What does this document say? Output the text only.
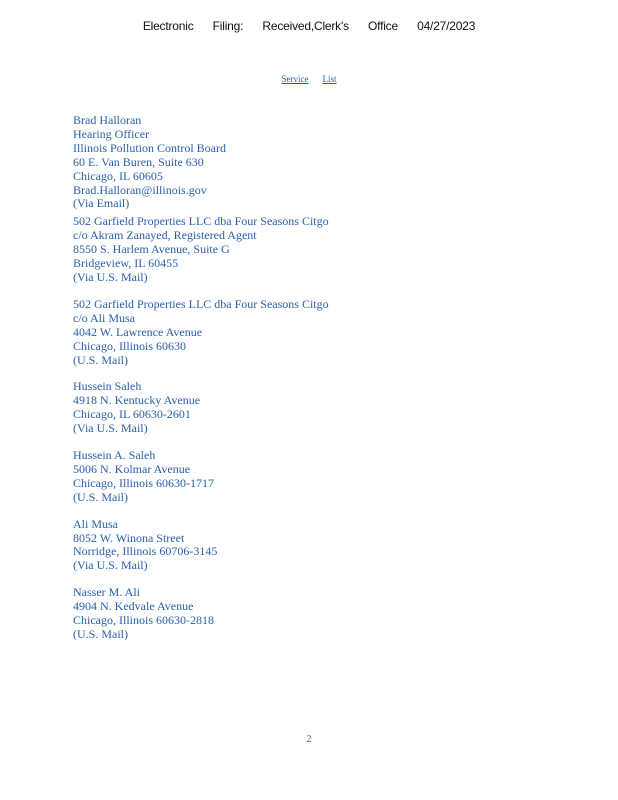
Electronic Filing: Received,Clerk's Office 04/27/2023
Service List
Brad Halloran
Hearing Officer
Illinois Pollution Control Board
60 E. Van Buren, Suite 630
Chicago, IL 60605
Brad.Halloran@illinois.gov
(Via Email)
502 Garfield Properties LLC dba Four Seasons Citgo
c/o Akram Zanayed, Registered Agent
8550 S. Harlem Avenue, Suite G
Bridgeview, IL 60455
(Via U.S. Mail)
502 Garfield Properties LLC dba Four Seasons Citgo
c/o Ali Musa
4042 W. Lawrence Avenue
Chicago, Illinois 60630
(U.S. Mail)
Hussein Saleh
4918 N. Kentucky Avenue
Chicago, IL 60630-2601
(Via U.S. Mail)
Hussein A. Saleh
5006 N. Kolmar Avenue
Chicago, Illinois 60630-1717
(U.S. Mail)
Ali Musa
8052 W. Winona Street
Norridge, Illinois 60706-3145
(Via U.S. Mail)
Nasser M. Ali
4904 N. Kedvale Avenue
Chicago, Illinois 60630-2818
(U.S. Mail)
2
